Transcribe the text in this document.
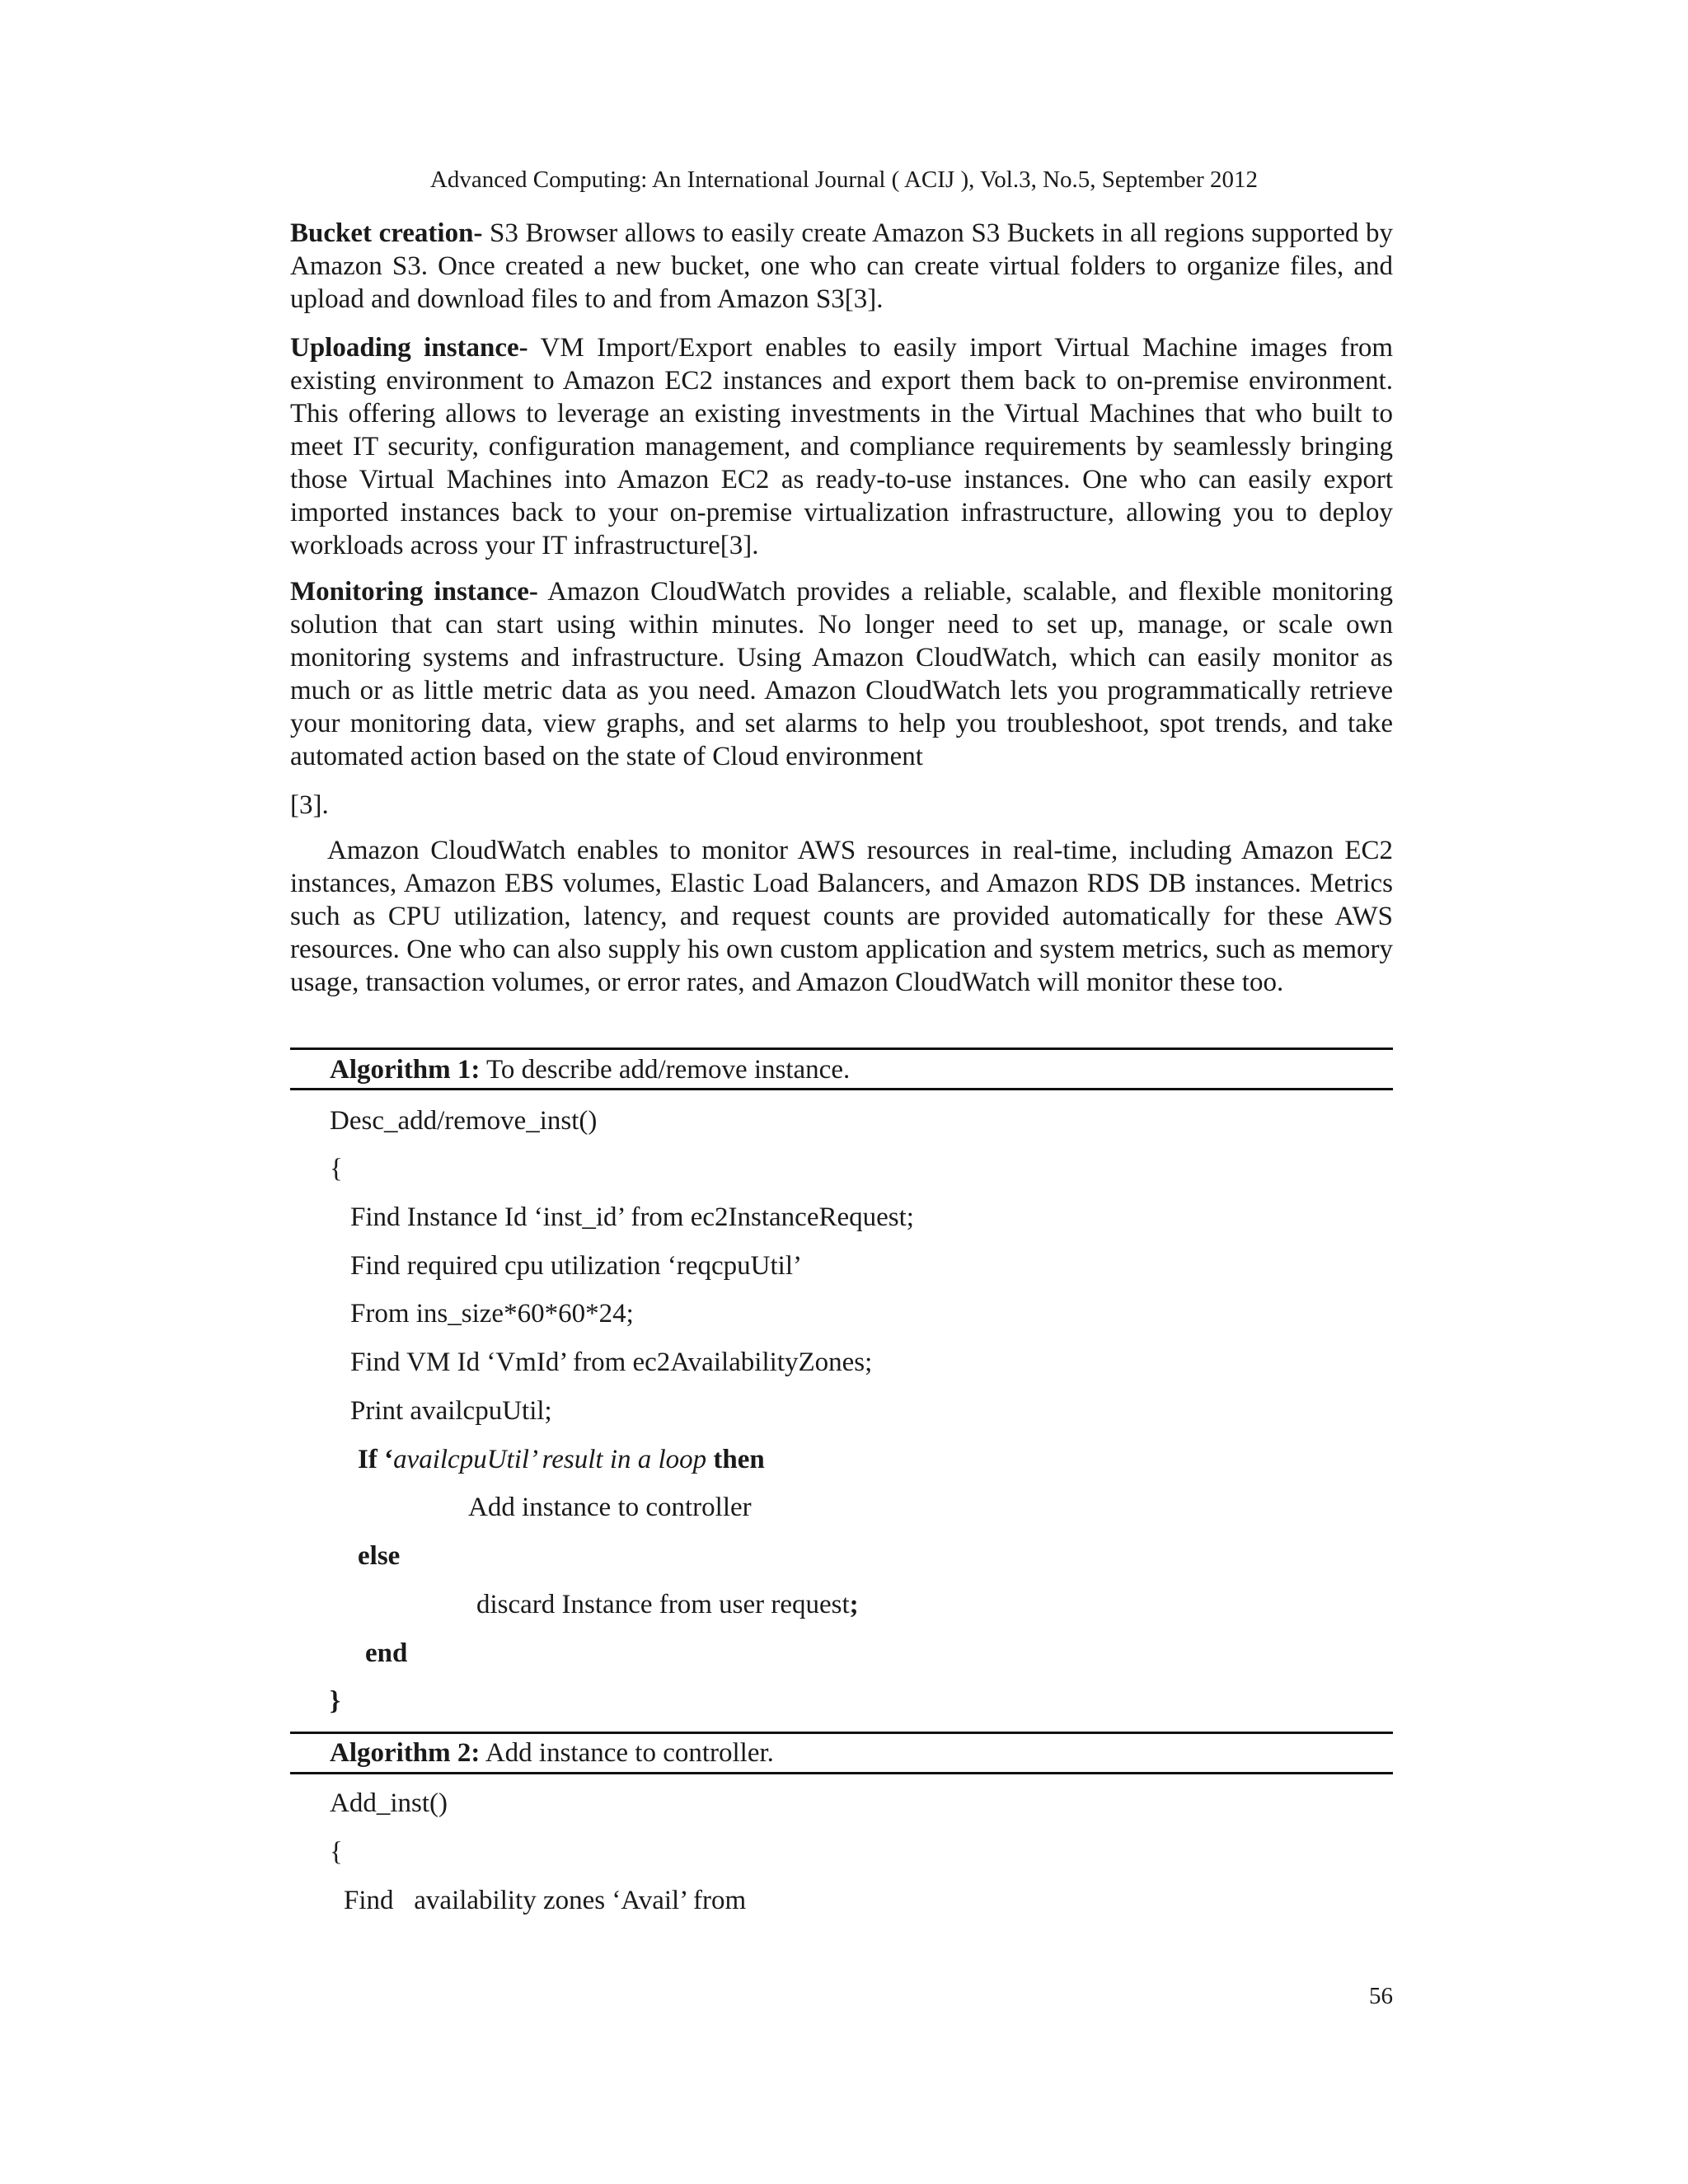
Advanced Computing: An International Journal ( ACIJ ), Vol.3, No.5, September 2012

Bucket creation- S3 Browser allows to easily create Amazon S3 Buckets in all regions supported by Amazon S3. Once created a new bucket, one who can create virtual folders to organize files, and upload and download files to and from Amazon S3[3].

Uploading instance- VM Import/Export enables to easily import Virtual Machine images from existing environment to Amazon EC2 instances and export them back to on-premise environment. This offering allows to leverage an existing investments in the Virtual Machines that who built to meet IT security, configuration management, and compliance requirements by seamlessly bringing those Virtual Machines into Amazon EC2 as ready-to-use instances. One who can easily export imported instances back to your on-premise virtualization infrastructure, allowing you to deploy workloads across your IT infrastructure[3].

Monitoring instance- Amazon CloudWatch provides a reliable, scalable, and flexible monitoring solution that can start using within minutes. No longer need to set up, manage, or scale own monitoring systems and infrastructure. Using Amazon CloudWatch, which can easily monitor as much or as little metric data as you need. Amazon CloudWatch lets you programmatically retrieve your monitoring data, view graphs, and set alarms to help you troubleshoot, spot trends, and take automated action based on the state of Cloud environment

[3].

Amazon CloudWatch enables to monitor AWS resources in real-time, including Amazon EC2 instances, Amazon EBS volumes, Elastic Load Balancers, and Amazon RDS DB instances. Metrics such as CPU utilization, latency, and request counts are provided automatically for these AWS resources. One who can also supply his own custom application and system metrics, such as memory usage, transaction volumes, or error rates, and Amazon CloudWatch will monitor these too.

Algorithm 1: To describe add/remove instance.
Desc_add/remove_inst()
{
Find Instance Id ‘inst_id’ from ec2InstanceRequest;
Find required cpu utilization ‘reqcpuUtil’
From ins_size*60*60*24;
Find VM Id ‘VmId’ from ec2AvailabilityZones;
Print availcpuUtil;
If ‘availcpuUtil’ result in a loop then
Add instance to controller
else
discard Instance from user request;
end
}
Algorithm 2: Add instance to controller.
Add_inst()
{
Find   availability zones ‘Avail’ from
56
